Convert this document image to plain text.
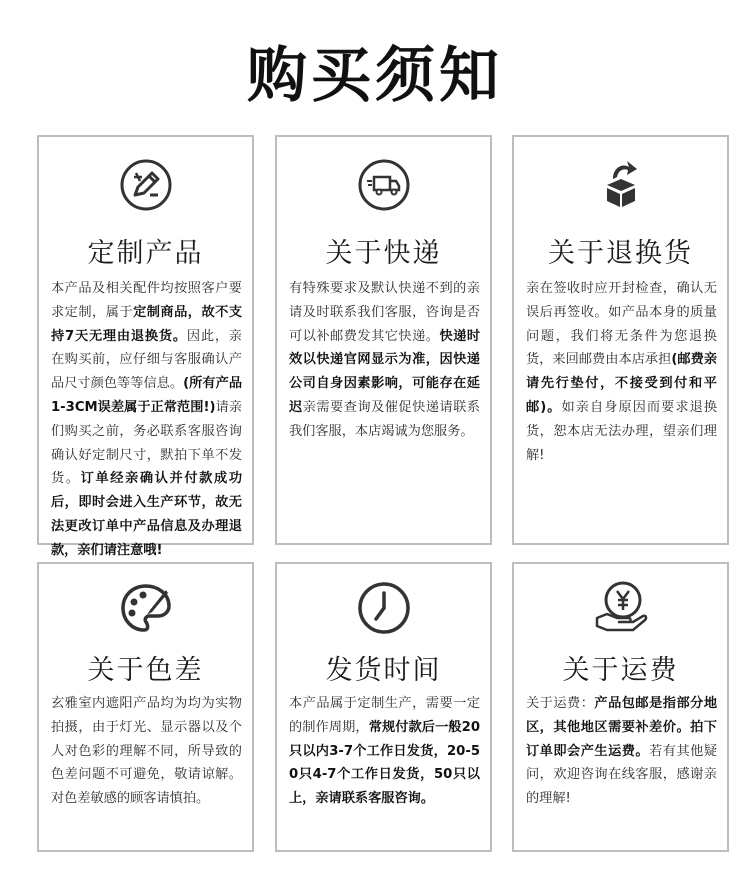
购买须知
定制产品
本产品及相关配件均按照客户要求定制，属于定制商品，故不支持7天无理由退换货。因此，亲在购买前，应仔细与客服确认产品尺寸颜色等等信息。(所有产品1-3CM误差属于正常范围!)请亲们购买之前，务必联系客服咨询确认好定制尺寸，默拍下单不发货。订单经亲确认并付款成功后，即时会进入生产环节，故无法更改订单中产品信息及办理退款，亲们请注意哦!
关于快递
有特殊要求及默认快递不到的亲请及时联系我们客服，咨询是否可以补邮费发其它快递。快递时效以快递官网显示为准，因快递公司自身因素影响，可能存在延迟亲需要查询及催促快递请联系我们客服，本店竭诚为您服务。
关于退换货
亲在签收时应开封检查，确认无误后再签收。如产品本身的质量问题，我们将无条件为您退换货，来回邮费由本店承担(邮费亲请先行垫付，不接受到付和平邮)。如亲自身原因而要求退换货，恕本店无法办理，望亲们理解!
关于色差
玄雅室内遮阳产品均为均为实物拍摄，由于灯光、显示器以及个人对色彩的理解不同，所导致的色差问题不可避免，敬请谅解。对色差敏感的顾客请慎拍。
发货时间
本产品属于定制生产，需要一定的制作周期，常规付款后一般20只以内3-7个工作日发货，20-50只4-7个工作日发货，50只以上，亲请联系客服咨询。
关于运费
关于运费：产品包邮是指部分地区，其他地区需要补差价。拍下订单即会产生运费。若有其他疑问，欢迎咨询在线客服，感谢亲的理解!
